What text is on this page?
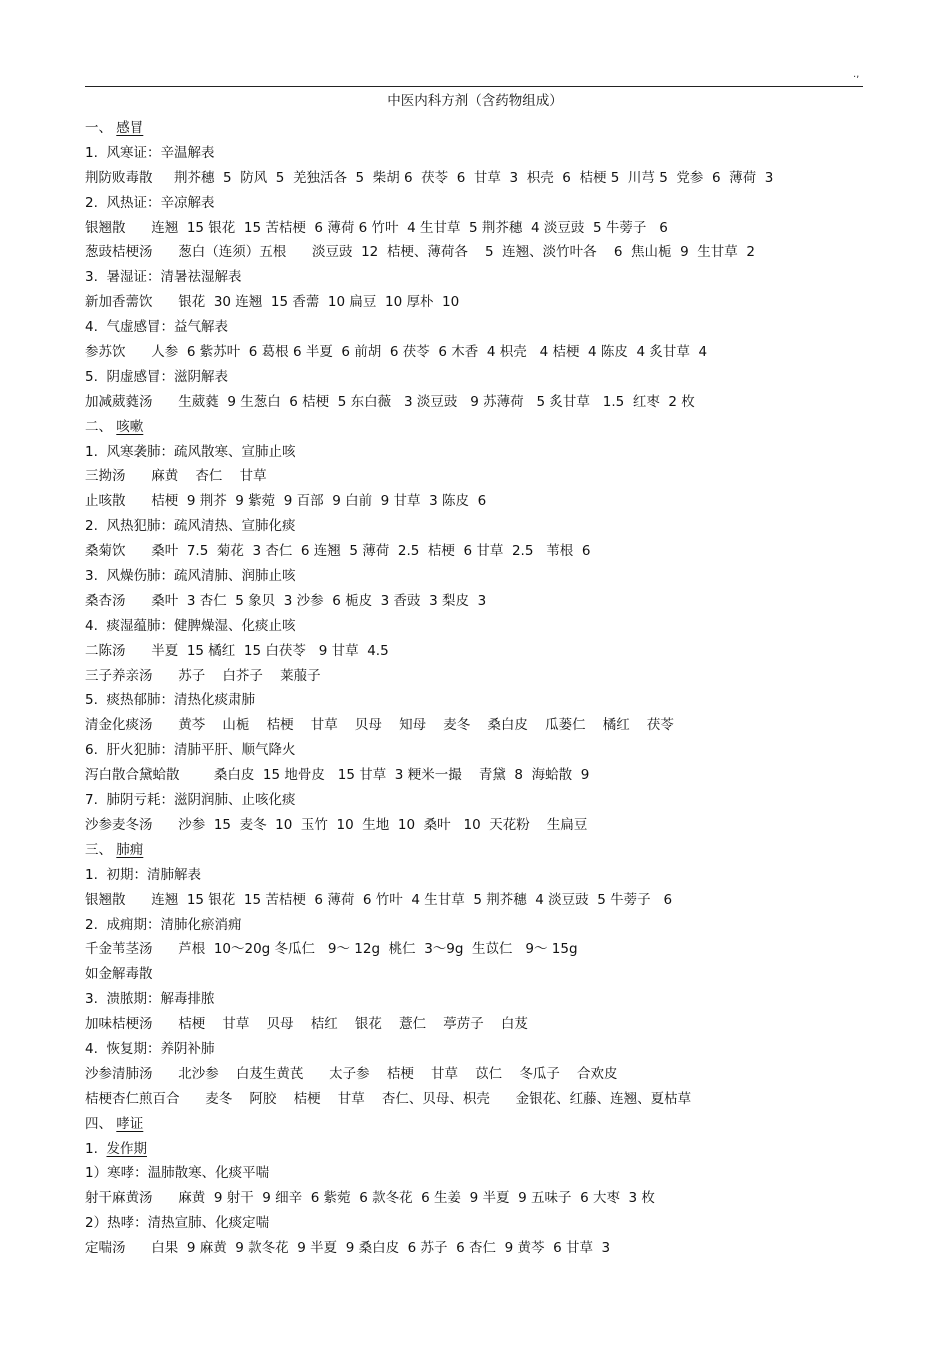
.,
中医内科方剂（含药物组成）
一、 感冒
1.  风寒证：辛温解表
荆防败毒散     荆芥穗  5  防风  5  羌独活各  5  柴胡 6  茯苓  6  甘草  3  枳壳  6  桔梗 5  川芎 5  党参  6  薄荷  3
2.  风热证：辛凉解表
银翘散      连翘  15 银花  15 苦桔梗  6 薄荷 6 竹叶  4 生甘草  5 荆芥穗  4 淡豆豉  5 牛蒡子   6
葱豉桔梗汤      葱白（连须）五根      淡豆豉  12  桔梗、薄荷各    5  连翘、淡竹叶各    6  焦山栀  9  生甘草  2
3.  暑湿证：清暑祛湿解表
新加香薷饮      银花  30 连翘  15 香薷  10 扁豆  10 厚朴  10
4.  气虚感冒：益气解表
参苏饮      人参  6 紫苏叶  6 葛根 6 半夏  6 前胡  6 茯苓  6 木香  4 枳壳   4 桔梗  4 陈皮  4 炙甘草  4
5.  阴虚感冒：滋阴解表
加减葳蕤汤      生葳蕤  9 生葱白  6 桔梗  5 东白薇   3 淡豆豉   9 苏薄荷   5 炙甘草   1.5  红枣  2 枚
二、 咳嗽
1.  风寒袭肺：疏风散寒、宣肺止咳
三拗汤      麻黄    杏仁    甘草
止咳散      桔梗  9 荆芥  9 紫菀  9 百部  9 白前  9 甘草  3 陈皮  6
2.  风热犯肺：疏风清热、宣肺化痰
桑菊饮      桑叶  7.5  菊花  3 杏仁  6 连翘  5 薄荷  2.5  桔梗  6 甘草  2.5   苇根  6
3.  风燥伤肺：疏风清肺、润肺止咳
桑杏汤      桑叶  3 杏仁  5 象贝  3 沙参  6 栀皮  3 香豉  3 梨皮  3
4.  痰湿蕴肺：健脾燥湿、化痰止咳
二陈汤      半夏  15 橘红  15 白茯苓   9 甘草  4.5
三子养亲汤      苏子    白芥子    莱菔子
5.  痰热郁肺：清热化痰肃肺
清金化痰汤      黄芩    山栀    桔梗    甘草    贝母    知母    麦冬    桑白皮    瓜蒌仁    橘红    茯苓
6.  肝火犯肺：清肺平肝、顺气降火
泻白散合黛蛤散        桑白皮  15 地骨皮   15 甘草  3 粳米一撮    青黛  8  海蛤散  9
7.  肺阴亏耗：滋阴润肺、止咳化痰
沙参麦冬汤      沙参  15  麦冬  10  玉竹  10  生地  10  桑叶   10  天花粉    生扁豆
三、 肺痈
1.  初期：清肺解表
银翘散      连翘  15 银花  15 苦桔梗  6 薄荷  6 竹叶  4 生甘草  5 荆芥穗  4 淡豆豉  5 牛蒡子   6
2.  成痈期：清肺化瘀消痈
千金苇茎汤      芦根  10～20g 冬瓜仁   9～ 12g  桃仁  3～9g  生苡仁   9～ 15g
如金解毒散
3.  溃脓期：解毒排脓
加味桔梗汤      桔梗    甘草    贝母    桔红    银花    薏仁    葶苈子    白芨
4.  恢复期：养阴补肺
沙参清肺汤      北沙参    白芨生黄芪      太子参    桔梗    甘草    苡仁    冬瓜子    合欢皮
桔梗杏仁煎百合      麦冬    阿胶    桔梗    甘草    杏仁、贝母、枳壳      金银花、红藤、连翘、夏枯草
四、 哮证
1.  发作期
1）寒哮：温肺散寒、化痰平喘
射干麻黄汤      麻黄  9 射干  9 细辛  6 紫菀  6 款冬花  6 生姜  9 半夏  9 五味子  6 大枣  3 枚
2）热哮：清热宣肺、化痰定喘
定喘汤      白果  9 麻黄  9 款冬花  9 半夏  9 桑白皮  6 苏子  6 杏仁  9 黄芩  6 甘草  3
